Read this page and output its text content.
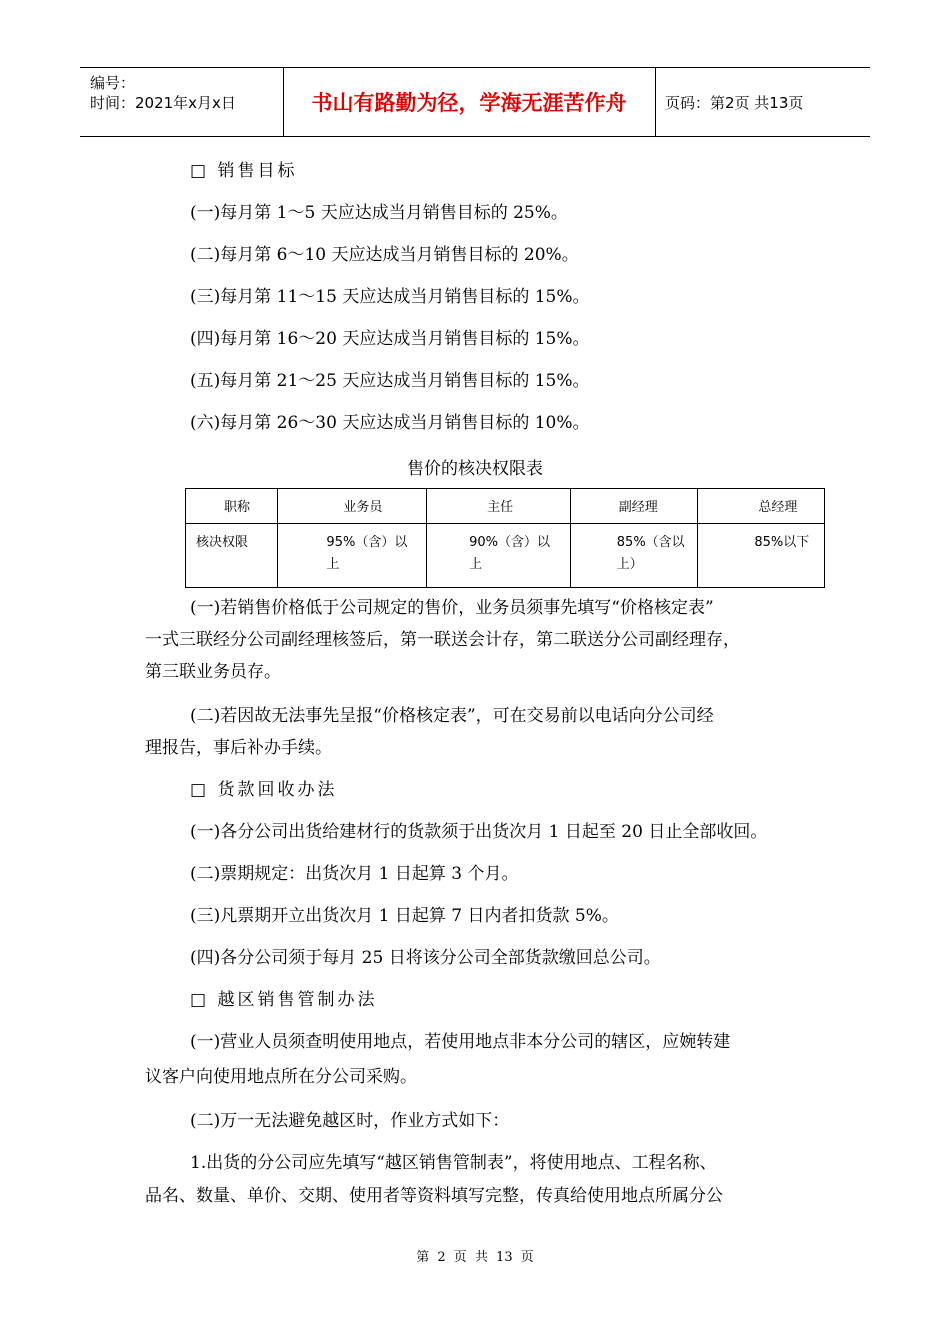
编号：
时间：2021年x月x日	书山有路勤为径，学海无涯苦作舟	页码：第2页 共13页
□ 销售目标
(一)每月第 1～5 天应达成当月销售目标的 25%。
(二)每月第 6～10 天应达成当月销售目标的 20%。
(三)每月第 11～15 天应达成当月销售目标的 15%。
(四)每月第 16～20 天应达成当月销售目标的 15%。
(五)每月第 21～25 天应达成当月销售目标的 15%。
(六)每月第 26～30 天应达成当月销售目标的 10%。
售价的核决权限表
职称	业务员	主任	副经理	总经理
核决权限	95%（含）以上	90%（含）以上	85%（含以上）	85%以下
(一)若销售价格低于公司规定的售价，业务员须事先填写“价格核定表”
一式三联经分公司副经理核签后，第一联送会计存，第二联送分公司副经理存，
第三联业务员存。
(二)若因故无法事先呈报“价格核定表”，可在交易前以电话向分公司经
理报告，事后补办手续。
□ 货款回收办法
(一)各分公司出货给建材行的货款须于出货次月 1 日起至 20 日止全部收回。
(二)票期规定：出货次月 1 日起算 3 个月。
(三)凡票期开立出货次月 1 日起算 7 日内者扣货款 5%。
(四)各分公司须于每月 25 日将该分公司全部货款缴回总公司。
□ 越区销售管制办法
(一)营业人员须查明使用地点，若使用地点非本分公司的辖区，应婉转建
议客户向使用地点所在分公司采购。
(二)万一无法避免越区时，作业方式如下：
1.出货的分公司应先填写“越区销售管制表”，将使用地点、工程名称、
品名、数量、单价、交期、使用者等资料填写完整，传真给使用地点所属分公
第 2 页 共 13 页
